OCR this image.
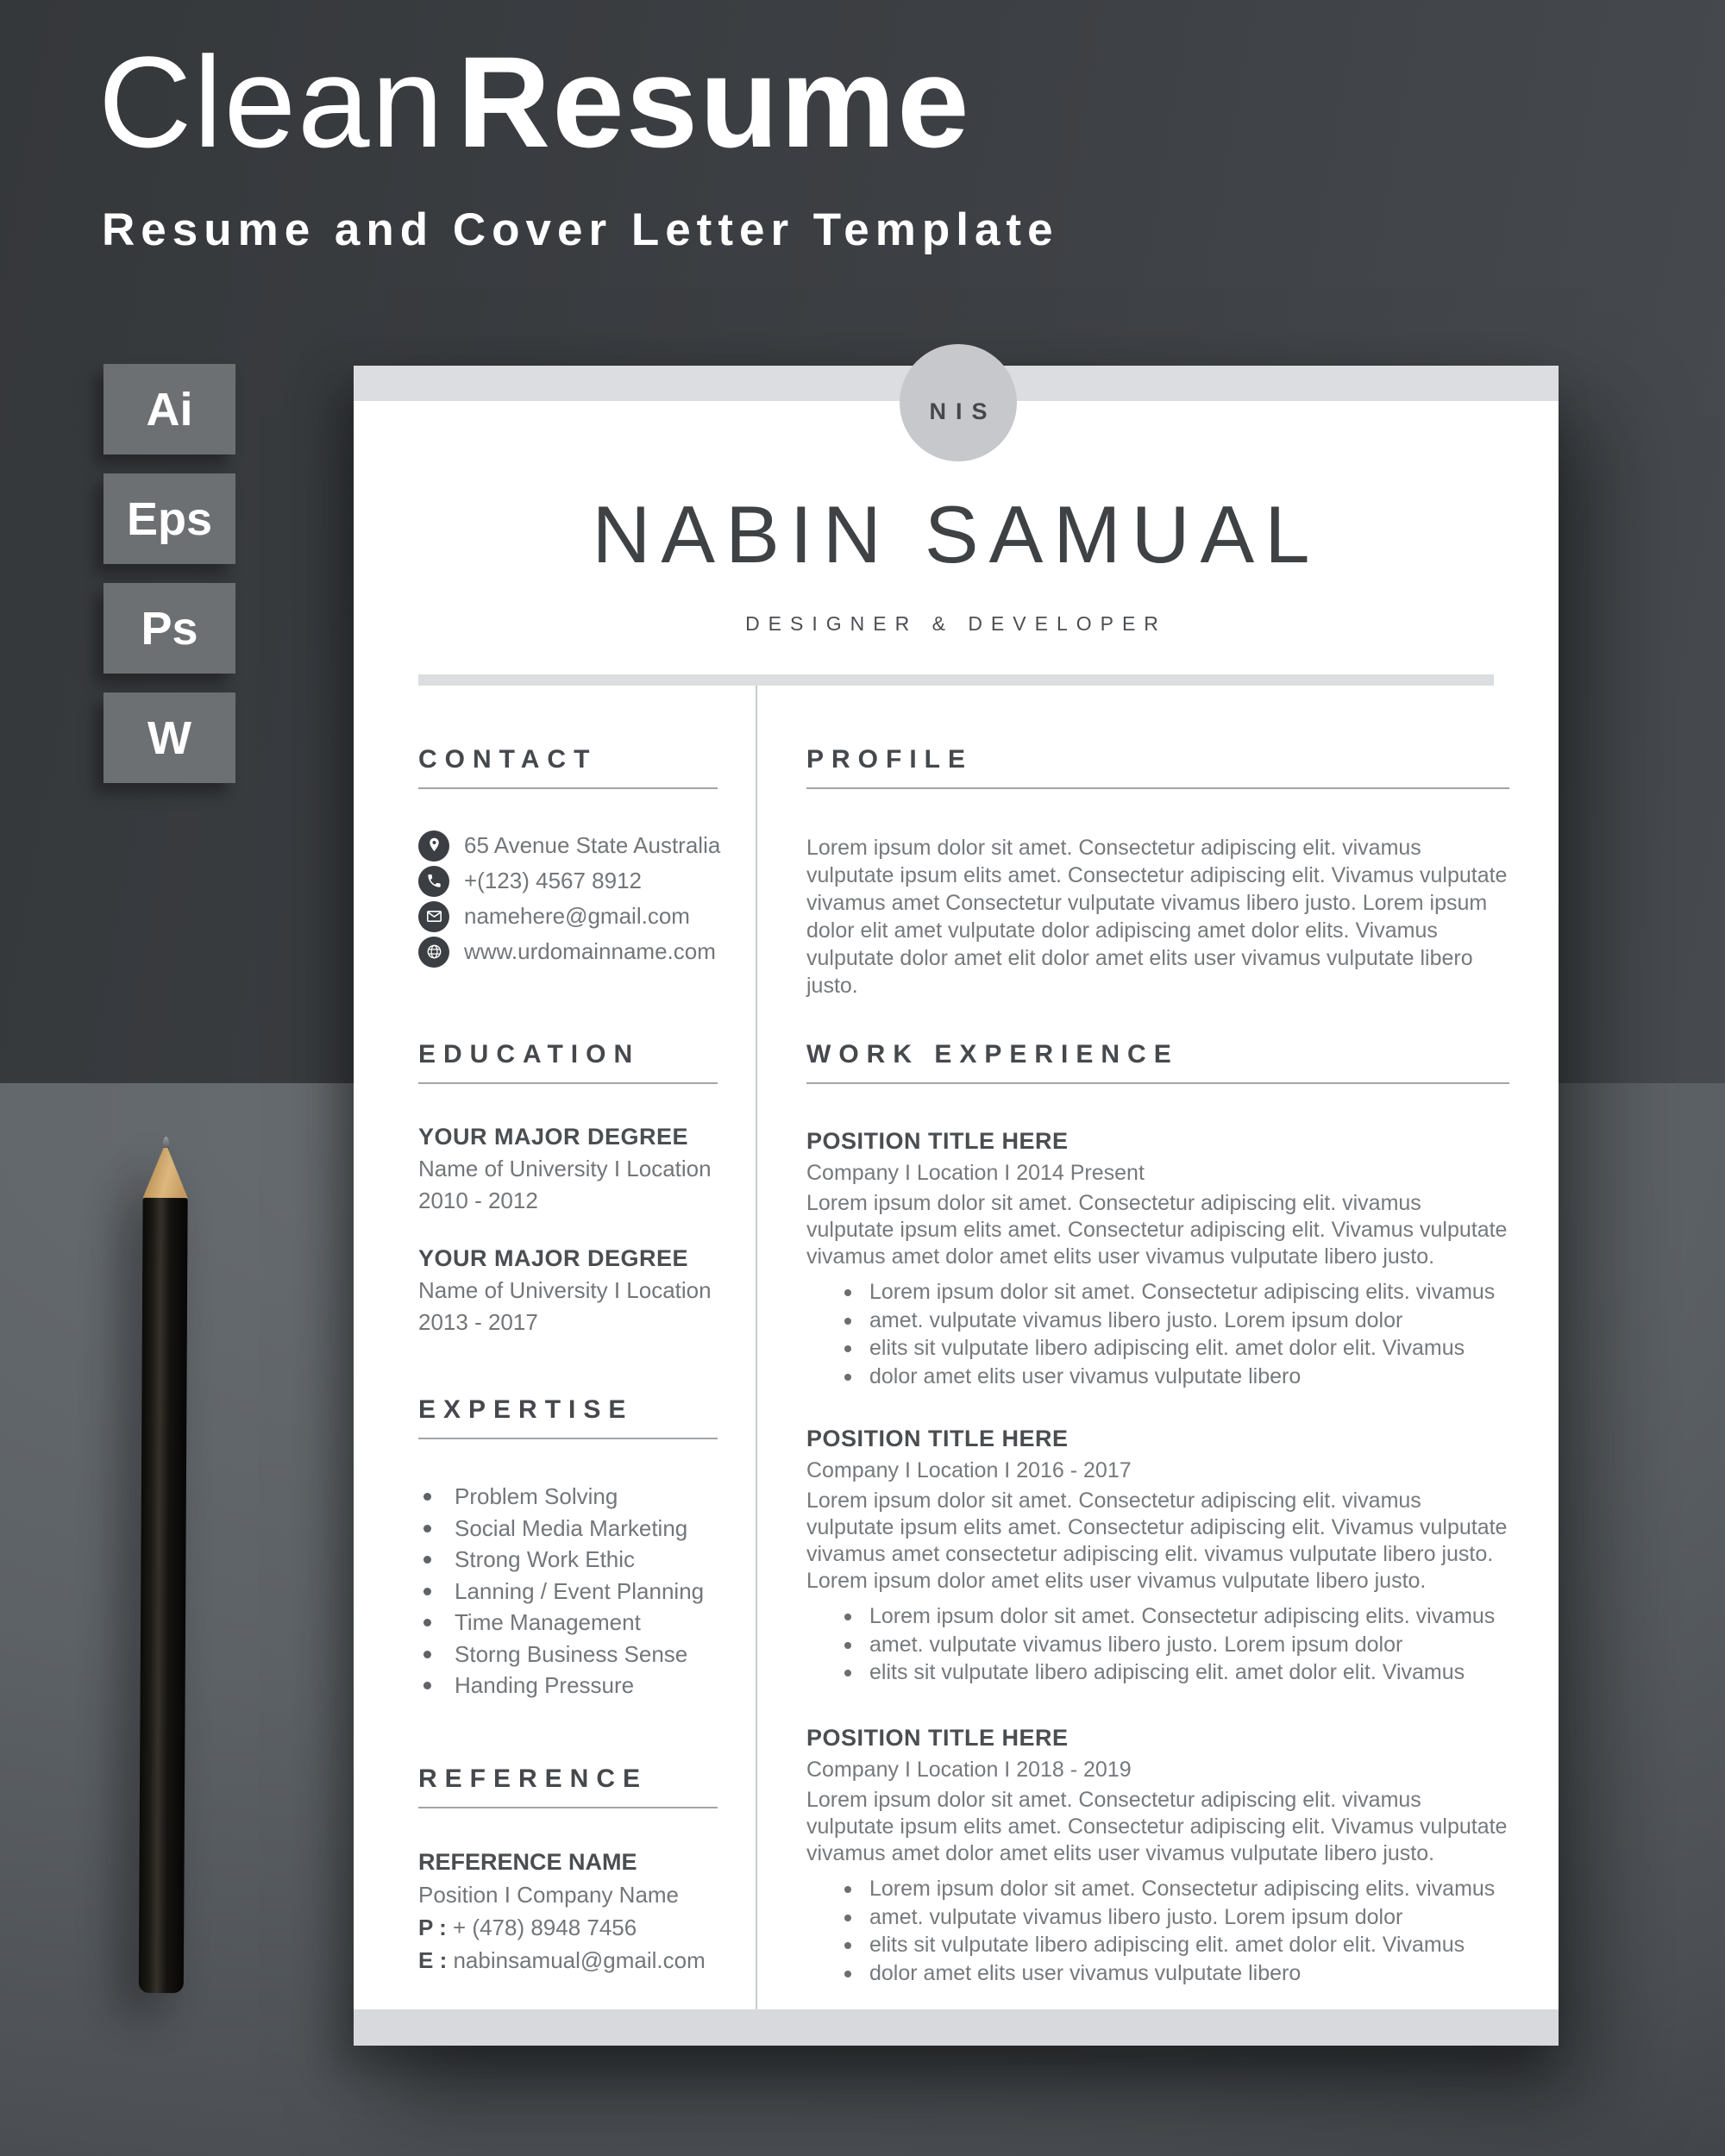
CleanResume
Resume and Cover Letter Template
Ai
Eps
Ps
W
NIS
NABIN SAMUAL
DESIGNER & DEVELOPER
CONTACT
65 Avenue State Australia
+(123) 4567 8912
namehere@gmail.com
www.urdomainname.com
EDUCATION
YOUR MAJOR DEGREE
Name of University I Location
2010 - 2012
YOUR MAJOR DEGREE
Name of University I Location
2013 - 2017
EXPERTISE
Problem Solving
Social Media Marketing
Strong Work Ethic
Lanning / Event Planning
Time Management
Storng Business Sense
Handing Pressure
REFERENCE
REFERENCE NAME
Position I Company Name
P : + (478) 8948 7456
E : nabinsamual@gmail.com
PROFILE
Lorem ipsum dolor sit amet. Consectetur adipiscing elit. vivamus vulputate ipsum elits amet. Consectetur adipiscing elit. Vivamus vulputate vivamus amet Consectetur vulputate vivamus libero justo. Lorem ipsum dolor elit amet vulputate dolor adipiscing amet dolor elits. Vivamus vulputate dolor amet elit dolor amet elits user vivamus vulputate libero justo.
WORK EXPERIENCE
POSITION TITLE HERE
Company I Location I 2014 Present
Lorem ipsum dolor sit amet. Consectetur adipiscing elit. vivamus vulputate ipsum elits amet. Consectetur adipiscing elit. Vivamus vulputate vivamus amet dolor amet elits user vivamus vulputate libero justo.
Lorem ipsum dolor sit amet. Consectetur adipiscing elits. vivamus
amet. vulputate vivamus libero justo. Lorem ipsum dolor
elits sit vulputate libero adipiscing elit. amet dolor elit. Vivamus
dolor amet elits user vivamus vulputate libero
POSITION TITLE HERE
Company I Location I 2016 - 2017
Lorem ipsum dolor sit amet. Consectetur adipiscing elit. vivamus vulputate ipsum elits amet. Consectetur adipiscing elit. Vivamus vulputate vivamus amet consectetur adipiscing elit. vivamus vulputate libero justo. Lorem ipsum dolor amet elits user vivamus vulputate libero justo.
Lorem ipsum dolor sit amet. Consectetur adipiscing elits. vivamus
amet. vulputate vivamus libero justo. Lorem ipsum dolor
elits sit vulputate libero adipiscing elit. amet dolor elit. Vivamus
POSITION TITLE HERE
Company I Location I 2018 - 2019
Lorem ipsum dolor sit amet. Consectetur adipiscing elit. vivamus vulputate ipsum elits amet. Consectetur adipiscing elit. Vivamus vulputate vivamus amet dolor amet elits user vivamus vulputate libero justo.
Lorem ipsum dolor sit amet. Consectetur adipiscing elits. vivamus
amet. vulputate vivamus libero justo. Lorem ipsum dolor
elits sit vulputate libero adipiscing elit. amet dolor elit. Vivamus
dolor amet elits user vivamus vulputate libero
